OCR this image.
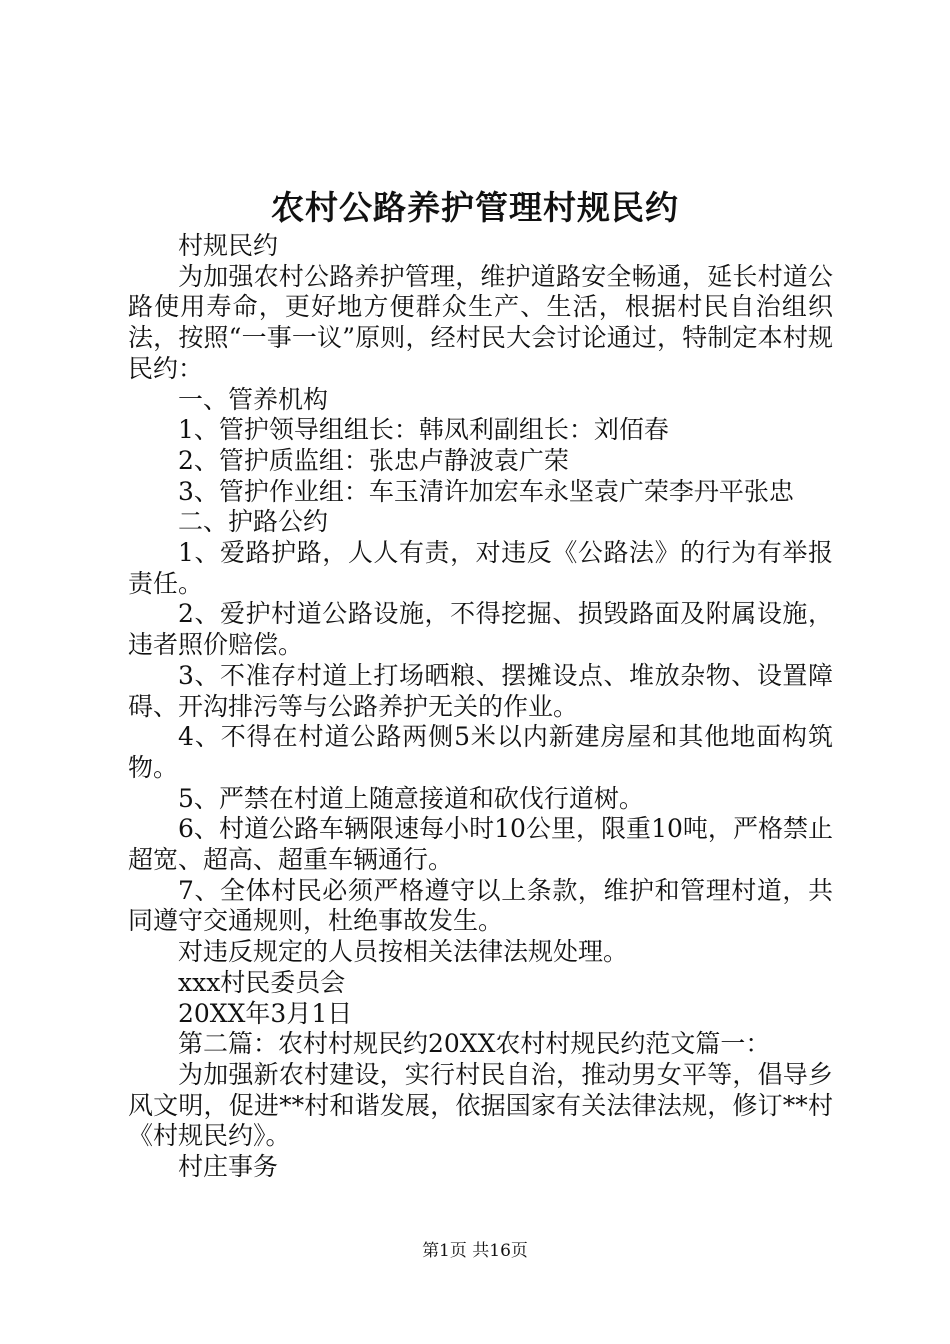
农村公路养护管理村规民约

村规民约

为加强农村公路养护管理，维护道路安全畅通，延长村道公路使用寿命，更好地方便群众生产、生活，根据村民自治组织法，按照“一事一议”原则，经村民大会讨论通过，特制定本村规民约：

一、管养机构

1、管护领导组组长：韩凤利副组长：刘佰春

2、管护质监组：张忠卢静波袁广荣

3、管护作业组：车玉清许加宏车永坚袁广荣李丹平张忠

二、护路公约

1、爱路护路，人人有责，对违反《公路法》的行为有举报责任。

2、爱护村道公路设施，不得挖掘、损毁路面及附属设施，违者照价赔偿。

3、不准存村道上打场晒粮、摆摊设点、堆放杂物、设置障碍、开沟排污等与公路养护无关的作业。

4、不得在村道公路两侧5米以内新建房屋和其他地面构筑物。

5、严禁在村道上随意接道和砍伐行道树。

6、村道公路车辆限速每小时10公里，限重10吨，严格禁止超宽、超高、超重车辆通行。

7、全体村民必须严格遵守以上条款，维护和管理村道，共同遵守交通规则，杜绝事故发生。

对违反规定的人员按相关法律法规处理。

xxx村民委员会

20XX年3月1日

第二篇：农村村规民约20XX农村村规民约范文篇一：

为加强新农村建设，实行村民自治，推动男女平等，倡导乡风文明，促进**村和谐发展，依据国家有关法律法规，修订**村《村规民约》。

村庄事务

第1页 共16页
